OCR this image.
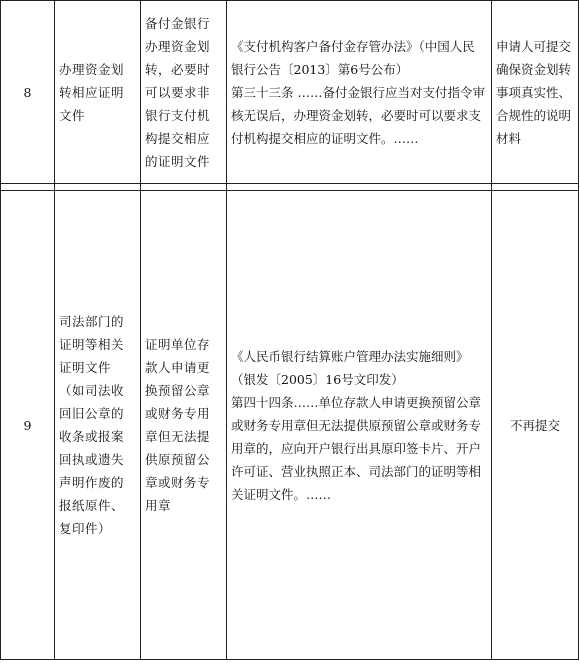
8	办理资金划转相应证明文件	备付金银行办理资金划转，必要时可以要求非银行支付机构提交相应的证明文件	《支付机构客户备付金存管办法》（中国人民银行公告〔2013〕第6号公布）
第三十三条 ……备付金银行应当对支付指令审核无误后，办理资金划转，必要时可以要求支付机构提交相应的证明文件。……	申请人可提交确保资金划转事项真实性、合规性的说明材料

9	司法部门的证明等相关证明文件（如司法收回旧公章的收条或报案回执或遗失声明作废的报纸原件、复印件）	证明单位存款人申请更换预留公章或财务专用章但无法提供原预留公章或财务专用章	《人民币银行结算账户管理办法实施细则》（银发〔2005〕16号文印发）
第四十四条……单位存款人申请更换预留公章或财务专用章但无法提供原预留公章或财务专用章的，应向开户银行出具原印签卡片、开户许可证、营业执照正本、司法部门的证明等相关证明文件。……	不再提交
